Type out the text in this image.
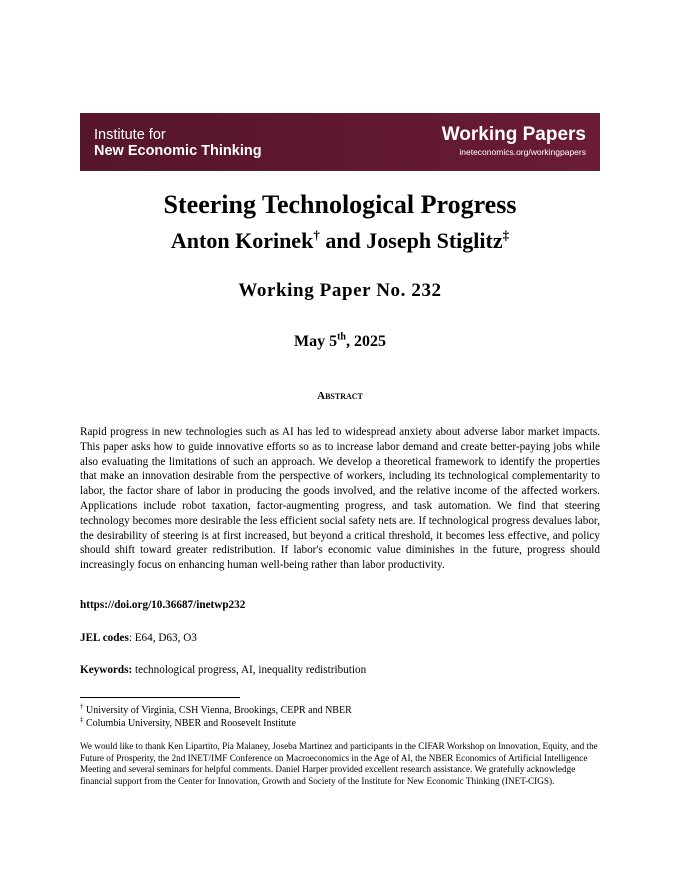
Institute for
New Economic Thinking
Working Papers
ineteconomics.org/workingpapers
Steering Technological Progress
Anton Korinek† and Joseph Stiglitz‡
Working Paper No. 232
May 5th, 2025
Abstract
Rapid progress in new technologies such as AI has led to widespread anxiety about adverse labor market impacts. This paper asks how to guide innovative efforts so as to increase labor demand and create better-paying jobs while also evaluating the limitations of such an approach. We develop a theoretical framework to identify the properties that make an innovation desirable from the perspective of workers, including its technological complementarity to labor, the factor share of labor in producing the goods involved, and the relative income of the affected workers. Applications include robot taxation, factor-augmenting progress, and task automation. We find that steering technology becomes more desirable the less efficient social safety nets are. If technological progress devalues labor, the desirability of steering is at first increased, but beyond a critical threshold, it becomes less effective, and policy should shift toward greater redistribution. If labor's economic value diminishes in the future, progress should increasingly focus on enhancing human well-being rather than labor productivity.
https://doi.org/10.36687/inetwp232
JEL codes: E64, D63, O3
Keywords: technological progress, AI, inequality redistribution
† University of Virginia, CSH Vienna, Brookings, CEPR and NBER
‡ Columbia University, NBER and Roosevelt Institute
We would like to thank Ken Lipartito, Pia Malaney, Joseba Martinez and participants in the CIFAR Workshop on Innovation, Equity, and the Future of Prosperity, the 2nd INET/IMF Conference on Macroeconomics in the Age of AI, the NBER Economics of Artificial Intelligence Meeting and several seminars for helpful comments. Daniel Harper provided excellent research assistance. We gratefully acknowledge financial support from the Center for Innovation, Growth and Society of the Institute for New Economic Thinking (INET-CIGS).
